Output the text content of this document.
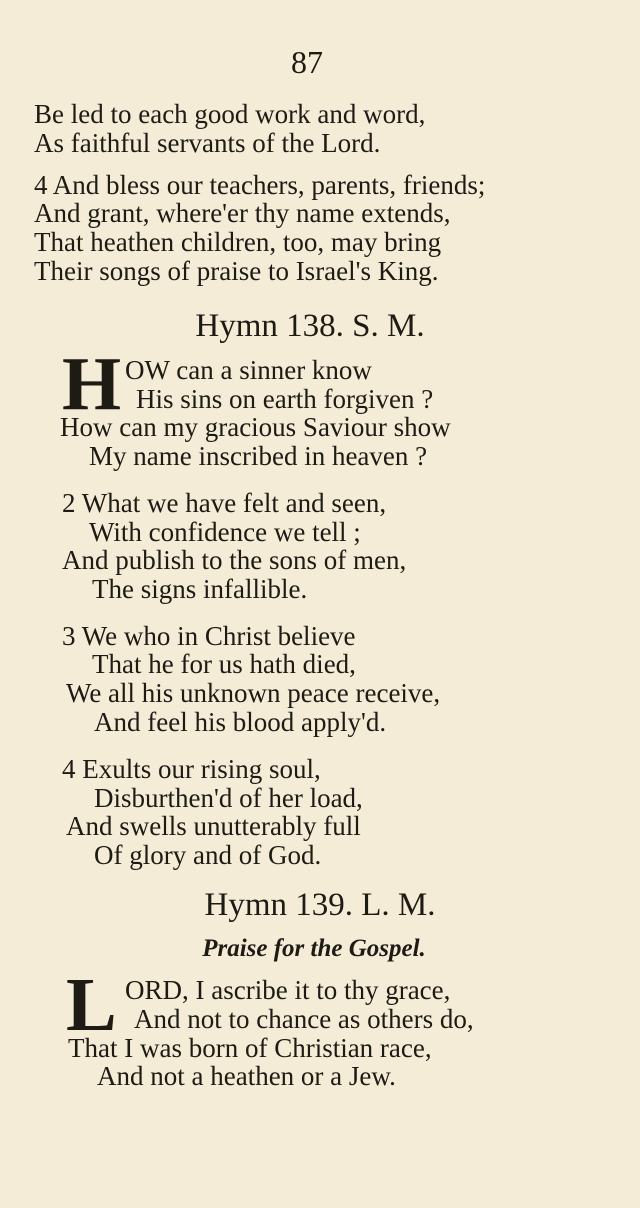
87
Be led to each good work and word,
As faithful servants of the Lord.
4 And bless our teachers, parents, friends;
And grant, where'er thy name extends,
That heathen children, too, may bring
Their songs of praise to Israel's King.
Hymn 138. S. M.
H OW can a sinner know
His sins on earth forgiven ?
How can my gracious Saviour show
My name inscribed in heaven ?
2 What we have felt and seen,
With confidence we tell ;
And publish to the sons of men,
The signs infallible.
3 We who in Christ believe
That he for us hath died,
We all his unknown peace receive,
And feel his blood apply'd.
4 Exults our rising soul,
Disburthen'd of her load,
And swells unutterably full
Of glory and of God.
Hymn 139. L. M.
Praise for the Gospel.
L ORD, I ascribe it to thy grace,
And not to chance as others do,
That I was born of Christian race,
And not a heathen or a Jew.
